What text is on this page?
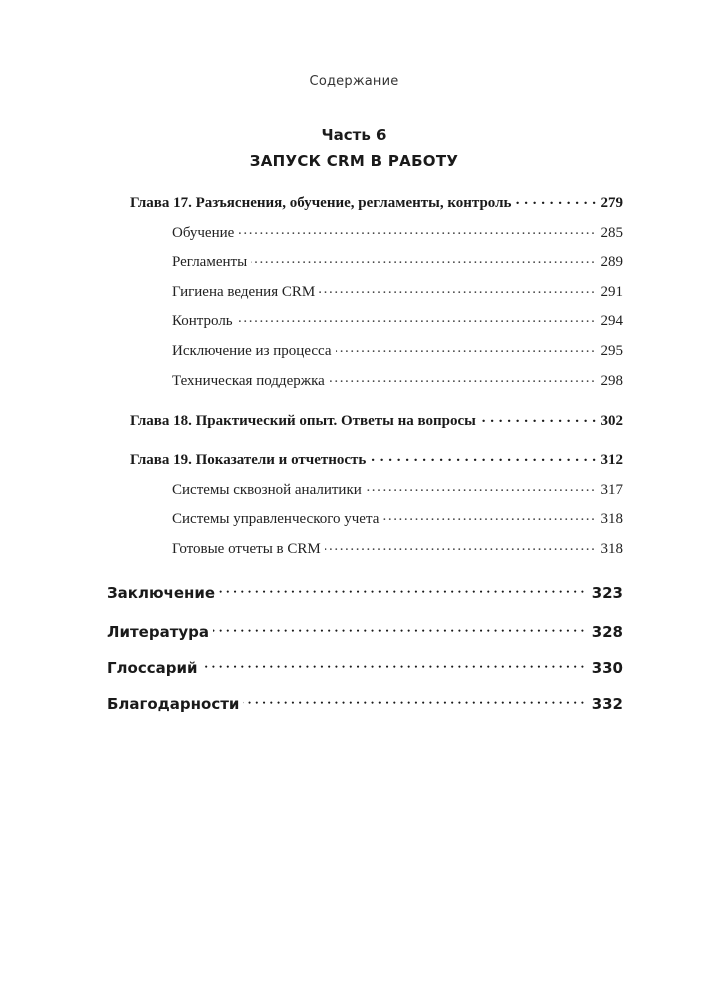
Содержание
Часть 6
ЗАПУСК CRM В РАБОТУ
Глава 17. Разъяснения, обучение, регламенты, контроль . . .	279
Обучение .....	285
Регламенты .....	289
Гигиена ведения CRM .....	291
Контроль .....	294
Исключение из процесса .....	295
Техническая поддержка .....	298
Глава 18. Практический опыт. Ответы на вопросы . . .	302
Глава 19. Показатели и отчетность . . .	312
Системы сквозной аналитики .....	317
Системы управленческого учета .....	318
Готовые отчеты в CRM .....	318
Заключение •••••	323
Литература •••••	328
Глоссарий •••••	330
Благодарности •••••	332
